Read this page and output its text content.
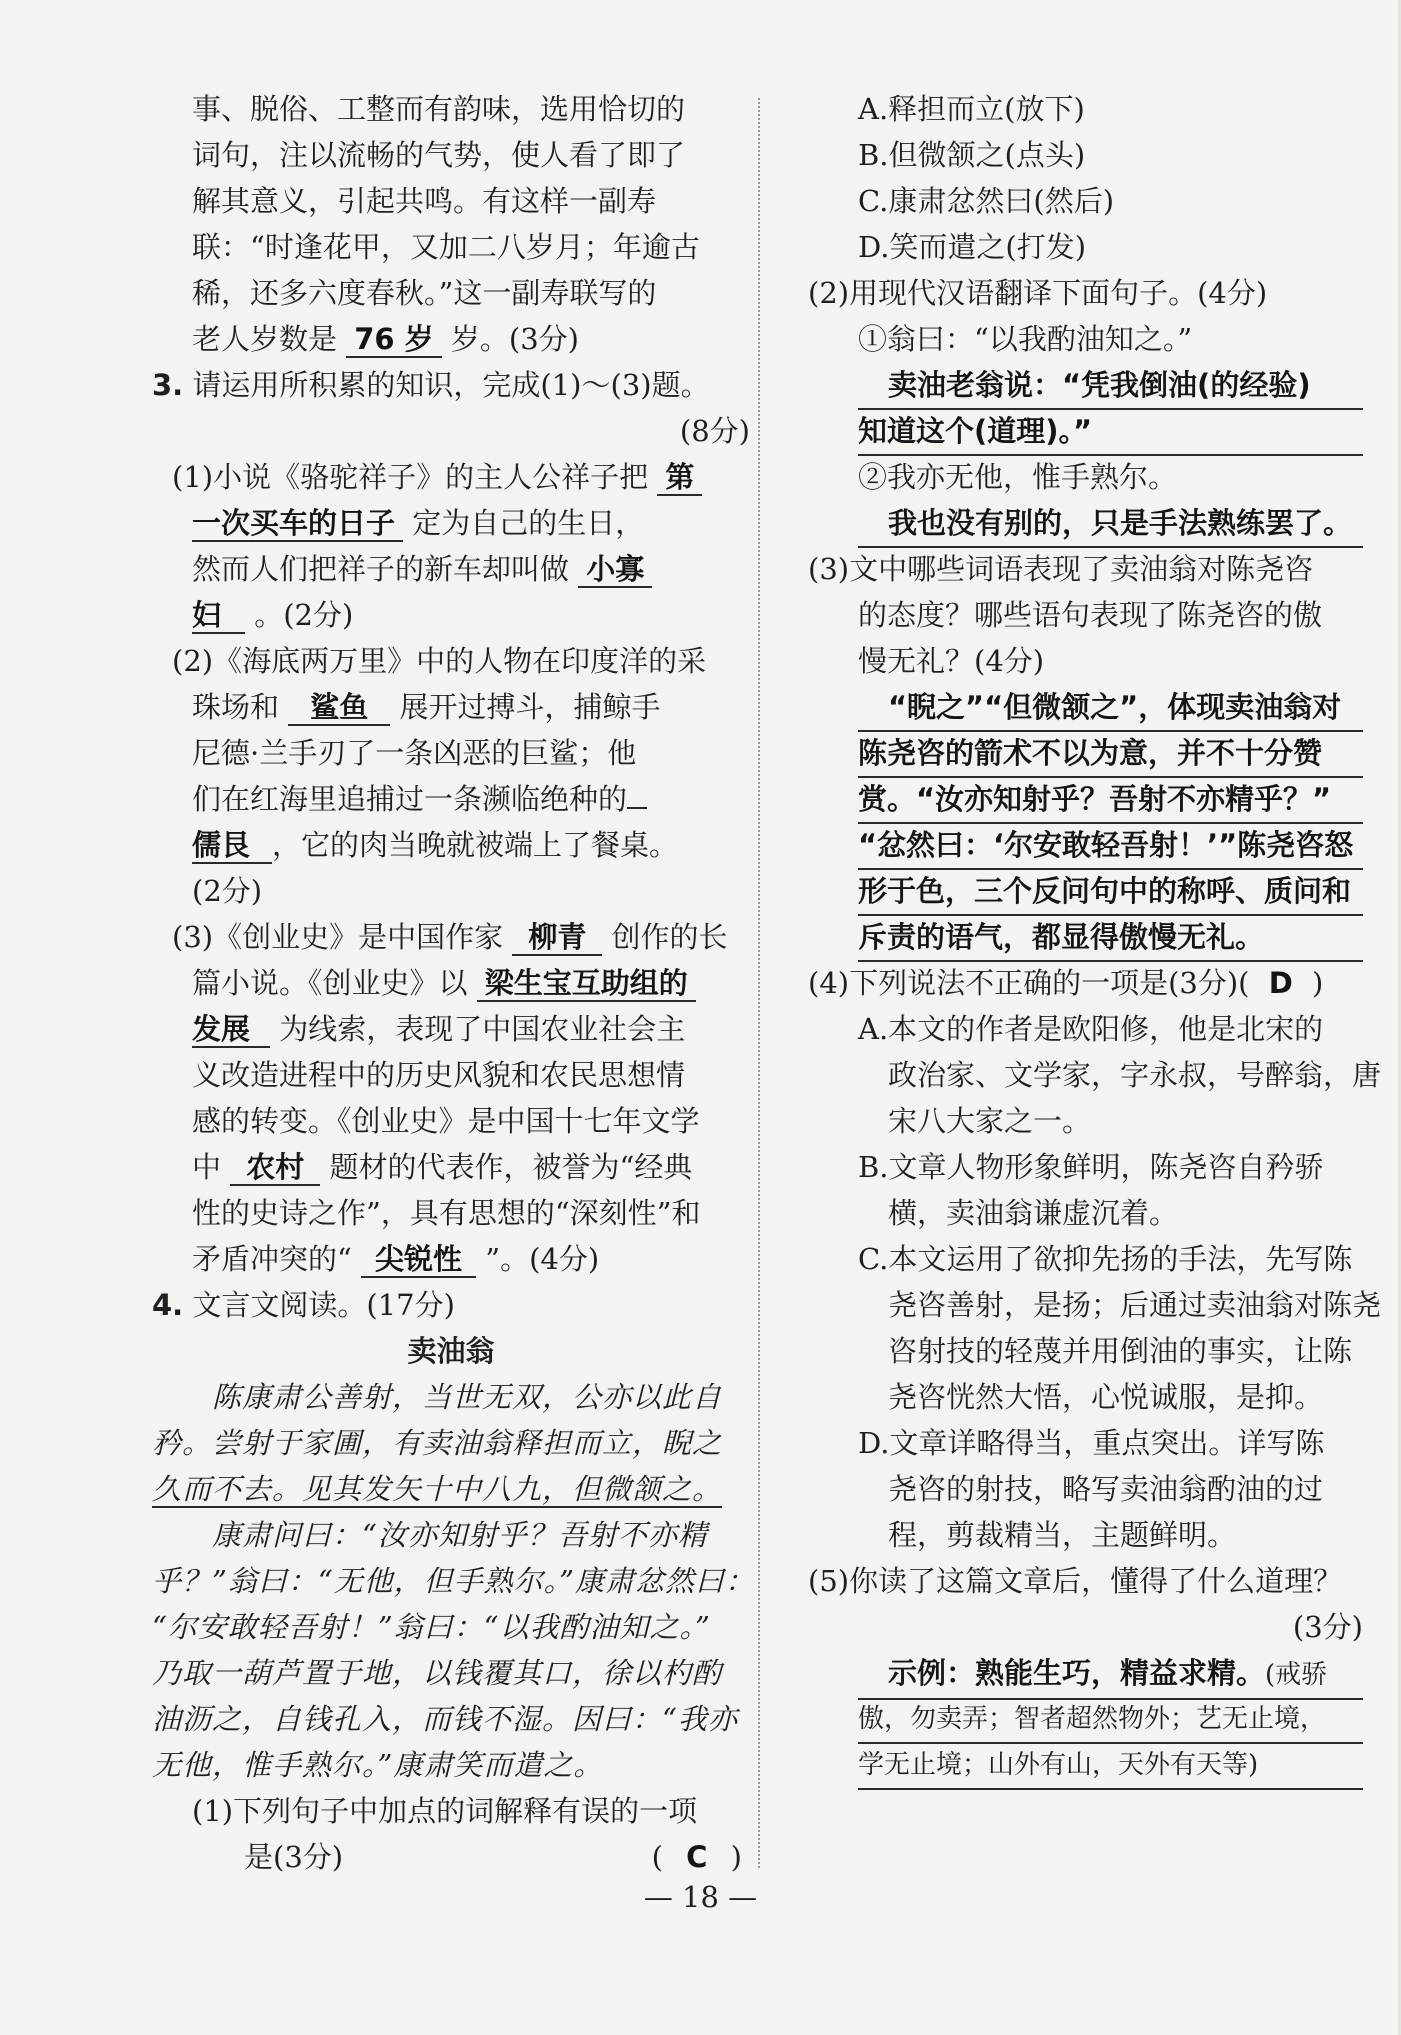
事、脱俗、工整而有韵味，选用恰切的
词句，注以流畅的气势，使人看了即了
解其意义，引起共鸣。有这样一副寿
联：“时逢花甲，又加二八岁月；年逾古
稀，还多六度春秋。”这一副寿联写的
老人岁数是 76 岁 岁。(3分)
3. 请运用所积累的知识，完成(1)～(3)题。
(8分)
(1)小说《骆驼祥子》的主人公祥子把 第
一次买车的日子 定为自己的生日，
然而人们把祥子的新车却叫做 小寡
妇 。(2分)
(2)《海底两万里》中的人物在印度洋的采
珠场和 鲨鱼 展开过搏斗，捕鲸手
尼德·兰手刃了一条凶恶的巨鲨；他
们在红海里追捕过一条濒临绝种的
儒艮 ，它的肉当晚就被端上了餐桌。
(2分)
(3)《创业史》是中国作家 柳青 创作的长
篇小说。《创业史》以 梁生宝互助组的
发展 为线索，表现了中国农业社会主
义改造进程中的历史风貌和农民思想情
感的转变。《创业史》是中国十七年文学
中 农村 题材的代表作，被誉为“经典
性的史诗之作”，具有思想的“深刻性”和
矛盾冲突的“ 尖锐性 ”。(4分)
4. 文言文阅读。(17分)
卖油翁
陈康肃公善射，当世无双，公亦以此自
矜。尝射于家圃，有卖油翁释担而立，睨之
久而不去。见其发矢十中八九，但微颔之。
康肃问曰：“汝亦知射乎？吾射不亦精
乎？”翁曰：“无他，但手熟尔。”康肃忿然曰：
“尔安敢轻吾射！”翁曰：“以我酌油知之。”
乃取一葫芦置于地，以钱覆其口，徐以杓酌
油沥之，自钱孔入，而钱不湿。因曰：“我亦
无他，惟手熟尔。”康肃笑而遣之。
(1)下列句子中加点的词解释有误的一项
是(3分)	( C )
A.释担而立(放下)
B.但微颔之(点头)
C.康肃忿然曰(然后)
D.笑而遣之(打发)
(2)用现代汉语翻译下面句子。(4分)
①翁曰：“以我酌油知之。”
卖油老翁说：“凭我倒油(的经验)
知道这个(道理)。”
②我亦无他，惟手熟尔。
我也没有别的，只是手法熟练罢了。
(3)文中哪些词语表现了卖油翁对陈尧咨
的态度？哪些语句表现了陈尧咨的傲
慢无礼？(4分)
“睨之”“但微颔之”，体现卖油翁对
陈尧咨的箭术不以为意，并不十分赞
赏。“汝亦知射乎？吾射不亦精乎？”
“忿然曰：‘尔安敢轻吾射！’”陈尧咨怒
形于色，三个反问句中的称呼、质问和
斥责的语气，都显得傲慢无礼。
(4)下列说法不正确的一项是(3分)( D )
A.本文的作者是欧阳修，他是北宋的
政治家、文学家，字永叔，号醉翁，唐
宋八大家之一。
B.文章人物形象鲜明，陈尧咨自矜骄
横，卖油翁谦虚沉着。
C.本文运用了欲抑先扬的手法，先写陈
尧咨善射，是扬；后通过卖油翁对陈尧
咨射技的轻蔑并用倒油的事实，让陈
尧咨恍然大悟，心悦诚服，是抑。
D.文章详略得当，重点突出。详写陈
尧咨的射技，略写卖油翁酌油的过
程，剪裁精当，主题鲜明。
(5)你读了这篇文章后，懂得了什么道理？
(3分)
示例：熟能生巧，精益求精。(戒骄
傲，勿卖弄；智者超然物外；艺无止境，
学无止境；山外有山，天外有天等)
— 18 —
